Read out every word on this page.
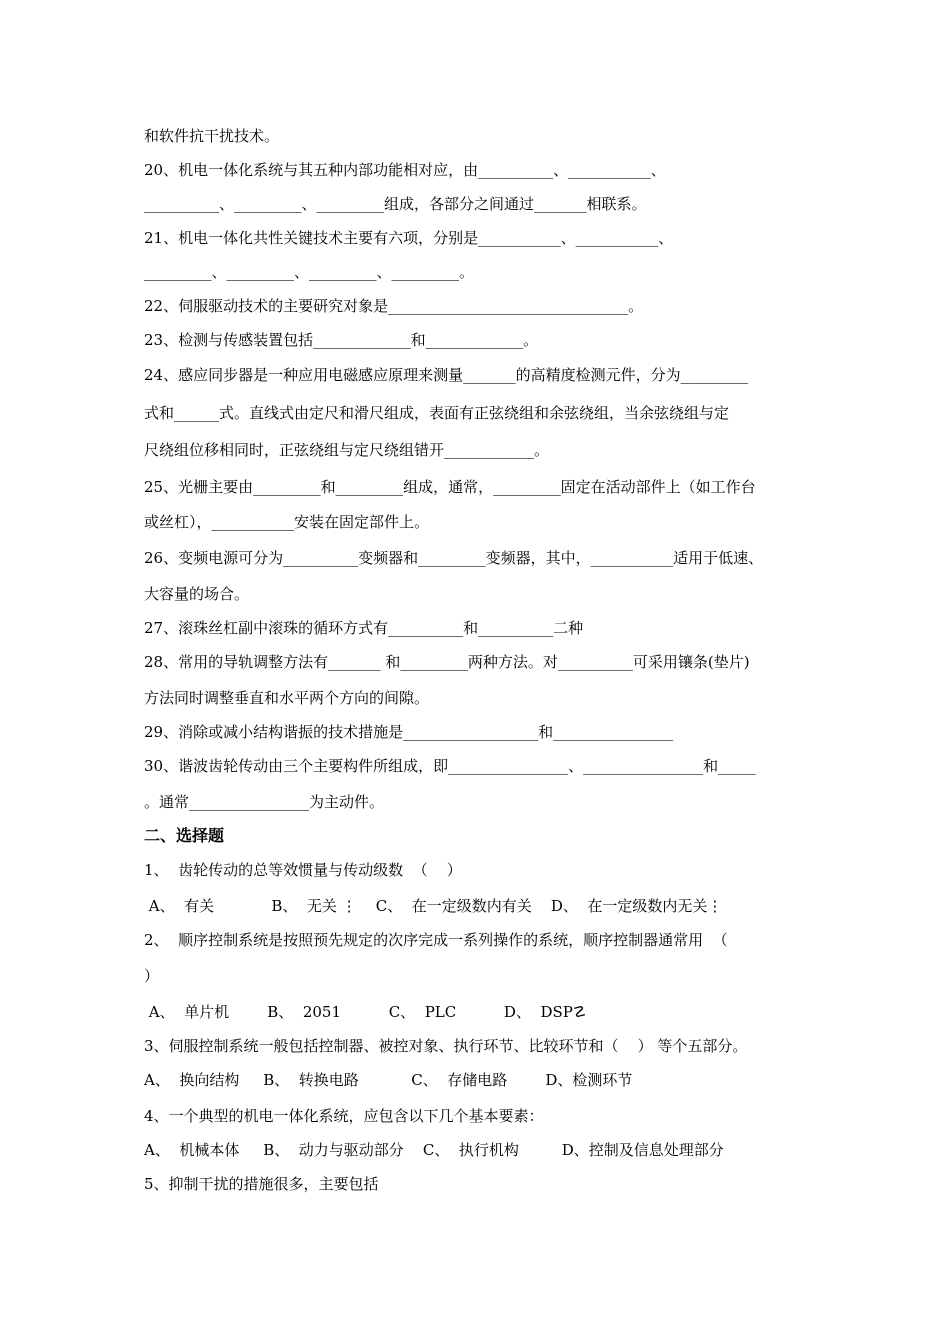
和软件抗干扰技术。
20、机电一体化系统与其五种内部功能相对应，由__________、___________、
__________、_________、_________组成，各部分之间通过_______相联系。
21、机电一体化共性关键技术主要有六项，分别是___________、___________、
_________、_________、_________、_________。
22、伺服驱动技术的主要研究对象是________________________________。
23、检测与传感装置包括_____________和_____________。
24、感应同步器是一种应用电磁感应原理来测量_______的高精度检测元件，分为_________
式和______式。直线式由定尺和滑尺组成，表面有正弦绕组和余弦绕组，当余弦绕组与定
尺绕组位移相同时，正弦绕组与定尺绕组错开____________。
25、光栅主要由_________和_________组成，通常，_________固定在活动部件上（如工作台
或丝杠），___________安装在固定部件上。
26、变频电源可分为__________变频器和_________变频器，其中，___________适用于低速、
大容量的场合。
27、滚珠丝杠副中滚珠的循环方式有__________和__________二种
28、常用的导轨调整方法有_______ 和_________两种方法。对__________可采用镶条(垫片)
方法同时调整垂直和水平两个方向的间隙。
29、消除或减小结构谐振的技术措施是__________________和________________
30、谐波齿轮传动由三个主要构件所组成，即________________、________________和_____
。通常________________为主动件。
二、选择题
1、  齿轮传动的总等效惯量与传动级数  （    ）
A、  有关            B、  无关 ⋮    C、  在一定级数内有关    D、  在一定级数内无关⋮
2、  顺序控制系统是按照预先规定的次序完成一系列操作的系统，顺序控制器通常用  （
）
A、  单片机        B、  2051          C、  PLC          D、  DSP☡
3、伺服控制系统一般包括控制器、被控对象、执行环节、比较环节和（    ） 等个五部分。
A、  换向结构     B、  转换电路           C、  存储电路        D、检测环节
4、一个典型的机电一体化系统，应包含以下几个基本要素：
A、  机械本体     B、  动力与驱动部分    C、  执行机构         D、控制及信息处理部分
5、抑制干扰的措施很多，主要包括
